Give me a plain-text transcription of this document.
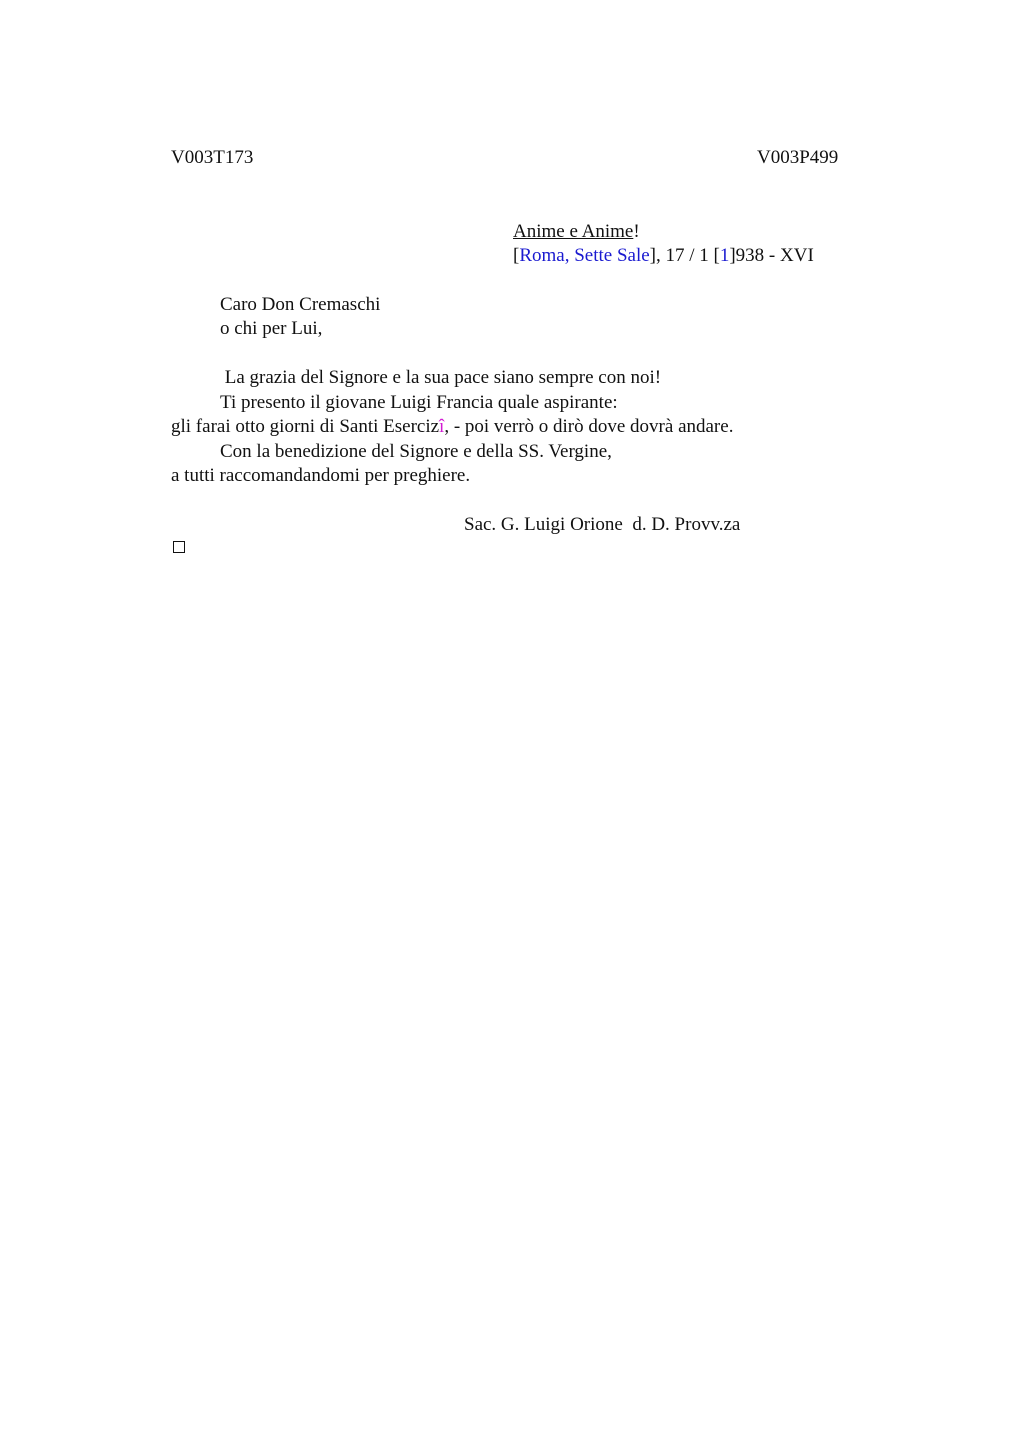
V003T173	V003P499
Anime e Anime!
[Roma, Sette Sale], 17 / 1 [1]938 - XVI
Caro Don Cremaschi
o chi per Lui,
La grazia del Signore e la sua pace siano sempre con noi!
Ti presento il giovane Luigi Francia quale aspirante:
gli farai otto giorni di Santi Esercizî, - poi verrò o dirò dove dovrà andare.
Con la benedizione del Signore e della SS. Vergine,
a tutti raccomandandomi per preghiere.
Sac. G. Luigi Orione  d. D. Provv.za
